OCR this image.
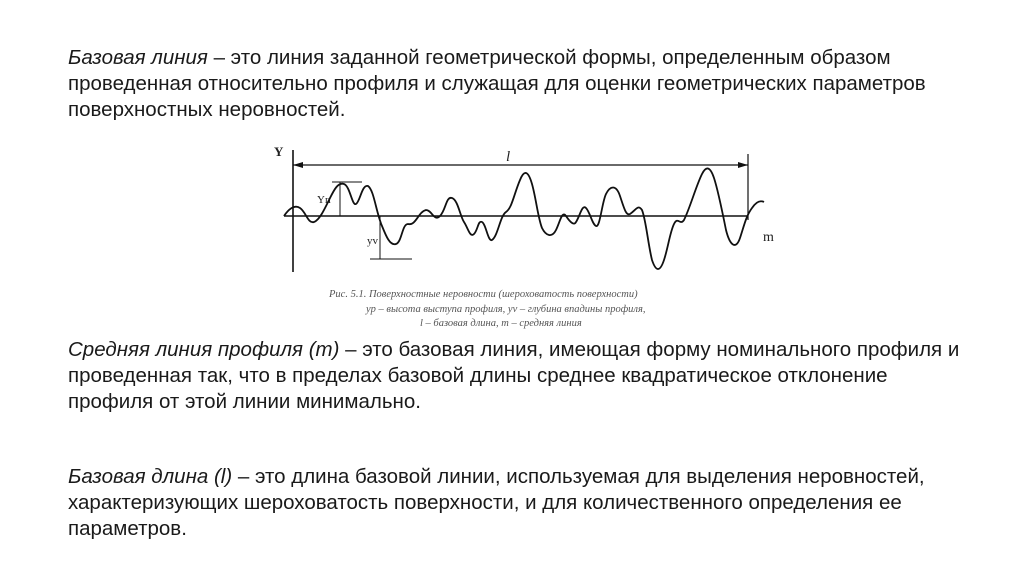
Базовая линия – это линия заданной геометрической формы, определенным образом проведенная относительно профиля и служащая для оценки геометрических параметров поверхностных неровностей.

Y	l
m
Yп
yv
Рис. 5.1. Поверхностные неровности (шероховатость поверхности)
yp – высота выступа профиля, yv – глубина впадины профиля,
l – базовая длина, m – средняя линия

Средняя линия профиля (m) – это базовая линия, имеющая форму номинального профиля и проведенная так, что в пределах базовой длины среднее квадратическое отклонение профиля от этой линии минимально.

Базовая длина (l) – это длина базовой линии, используемая для выделения неровностей, характеризующих шероховатость поверхности, и для количественного определения ее параметров.
